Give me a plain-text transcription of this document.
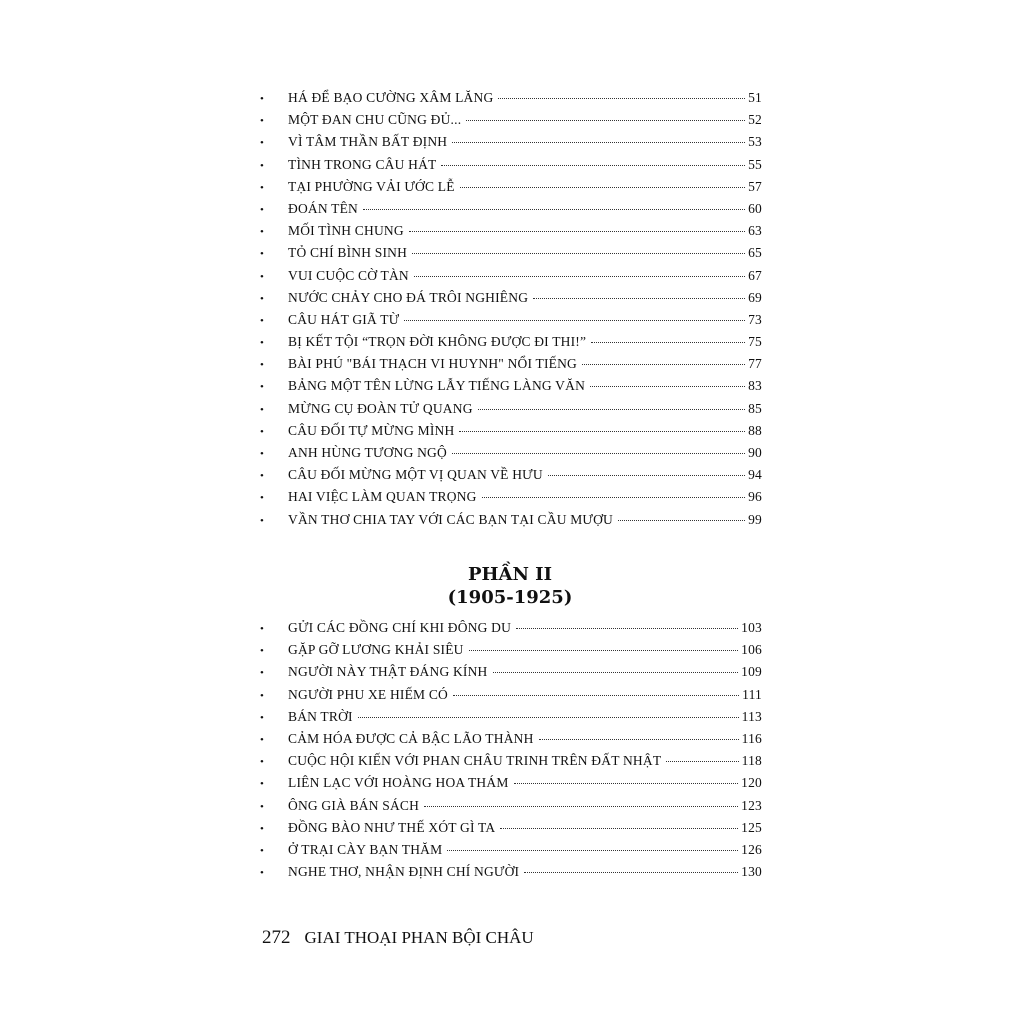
•	HÁ ĐỂ BẠO CƯỜNG XÂM LĂNG	51
•	MỘT ĐAN CHU CŨNG ĐỦ...	52
•	VÌ TÂM THẦN BẤT ĐỊNH	53
•	TÌNH TRONG CÂU HÁT	55
•	TẠI PHƯỜNG VẢI ƯỚC LỄ	57
•	ĐOÁN TÊN	60
•	MỐI TÌNH CHUNG	63
•	TỎ CHÍ BÌNH SINH	65
•	VUI CUỘC CỜ TÀN	67
•	NƯỚC CHẢY CHO ĐÁ TRÔI NGHIÊNG	69
•	CÂU HÁT GIÃ TỪ	73
•	BỊ KẾT TỘI “TRỌN ĐỜI KHÔNG ĐƯỢC ĐI THI!”	75
•	BÀI PHÚ "BÁI THẠCH VI HUYNH" NỔI TIẾNG	77
•	BẢNG MỘT TÊN LỪNG LẪY TIẾNG LÀNG VĂN	83
•	MỪNG CỤ ĐOÀN TỬ QUANG	85
•	CÂU ĐỐI TỰ MỪNG MÌNH	88
•	ANH HÙNG TƯƠNG NGỘ	90
•	CÂU ĐỐI MỪNG MỘT VỊ QUAN VỀ HƯU	94
•	HAI VIỆC LÀM QUAN TRỌNG	96
•	VẦN THƠ CHIA TAY VỚI CÁC BẠN TẠI CẦU MƯỢU	99
PHẦN II
(1905-1925)
•	GỬI CÁC ĐỒNG CHÍ KHI ĐÔNG DU	103
•	GẶP GỠ LƯƠNG KHẢI SIÊU	106
•	NGƯỜI NÀY THẬT ĐÁNG KÍNH	109
•	NGƯỜI PHU XE HIẾM CÓ	111
•	BÁN TRỜI	113
•	CẢM HÓA ĐƯỢC CẢ BẬC LÃO THÀNH	116
•	CUỘC HỘI KIẾN VỚI PHAN CHÂU TRINH TRÊN ĐẤT NHẬT	118
•	LIÊN LẠC VỚI HOÀNG HOA THÁM	120
•	ÔNG GIÀ BÁN SÁCH	123
•	ĐỒNG BÀO NHƯ THẾ XÓT GÌ TA	125
•	Ở TRẠI CÀY BẠN THĂM	126
•	NGHE THƠ, NHẬN ĐỊNH CHÍ NGƯỜI	130
272 GIAI THOẠI PHAN BỘI CHÂU
